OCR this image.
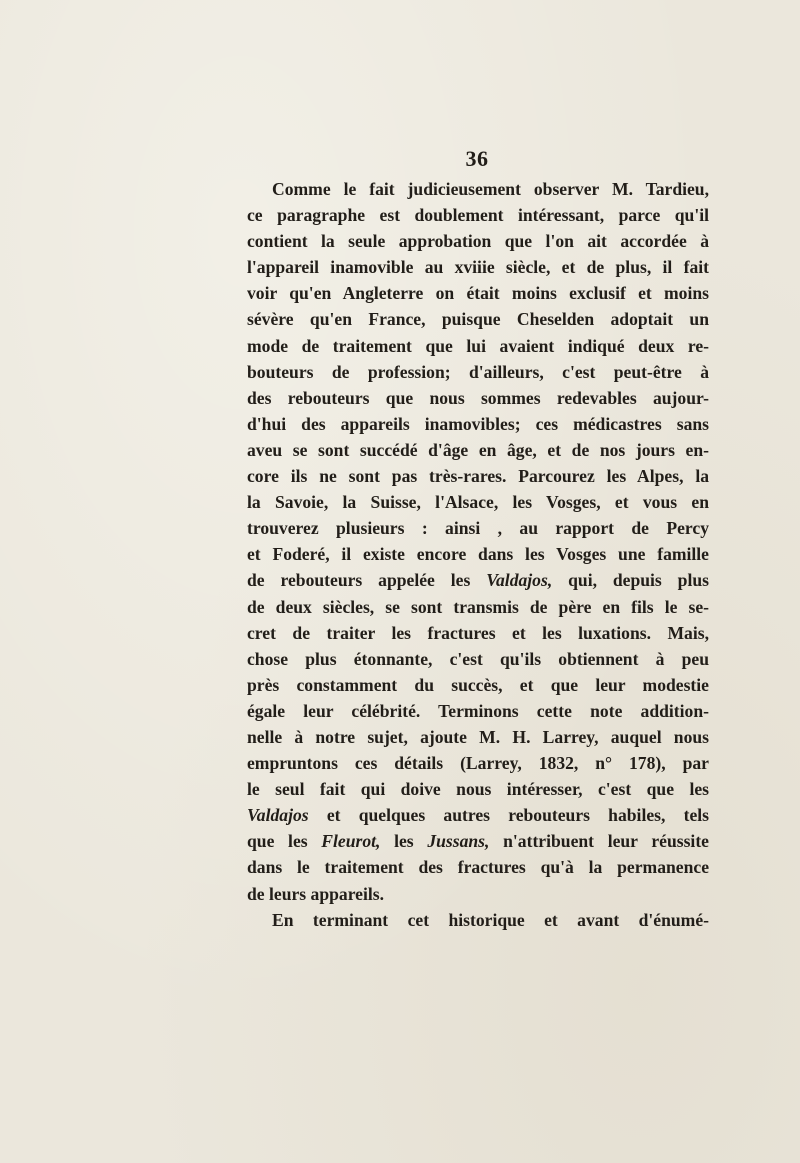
36
Comme le fait judicieusement observer M. Tardieu,
ce paragraphe est doublement intéressant, parce qu'il
contient la seule approbation que l'on ait accordée à
l'appareil inamovible au xviiie siècle, et de plus, il fait
voir qu'en Angleterre on était moins exclusif et moins
sévère qu'en France, puisque Cheselden adoptait un
mode de traitement que lui avaient indiqué deux re-
bouteurs de profession; d'ailleurs, c'est peut-être à
des rebouteurs que nous sommes redevables aujour-
d'hui des appareils inamovibles; ces médicastres sans
aveu se sont succédé d'âge en âge, et de nos jours en-
core ils ne sont pas très-rares. Parcourez les Alpes, la
la Savoie, la Suisse, l'Alsace, les Vosges, et vous en
trouverez plusieurs : ainsi , au rapport de Percy
et Foderé, il existe encore dans les Vosges une famille
de rebouteurs appelée les Valdajos, qui, depuis plus
de deux siècles, se sont transmis de père en fils le se-
cret de traiter les fractures et les luxations. Mais,
chose plus étonnante, c'est qu'ils obtiennent à peu
près constamment du succès, et que leur modestie
égale leur célébrité. Terminons cette note addition-
nelle à notre sujet, ajoute M. H. Larrey, auquel nous
empruntons ces détails (Larrey, 1832, n° 178), par
le seul fait qui doive nous intéresser, c'est que les
Valdajos et quelques autres rebouteurs habiles, tels
que les Fleurot, les Jussans, n'attribuent leur réussite
dans le traitement des fractures qu'à la permanence
de leurs appareils.
En terminant cet historique et avant d'énumé-
